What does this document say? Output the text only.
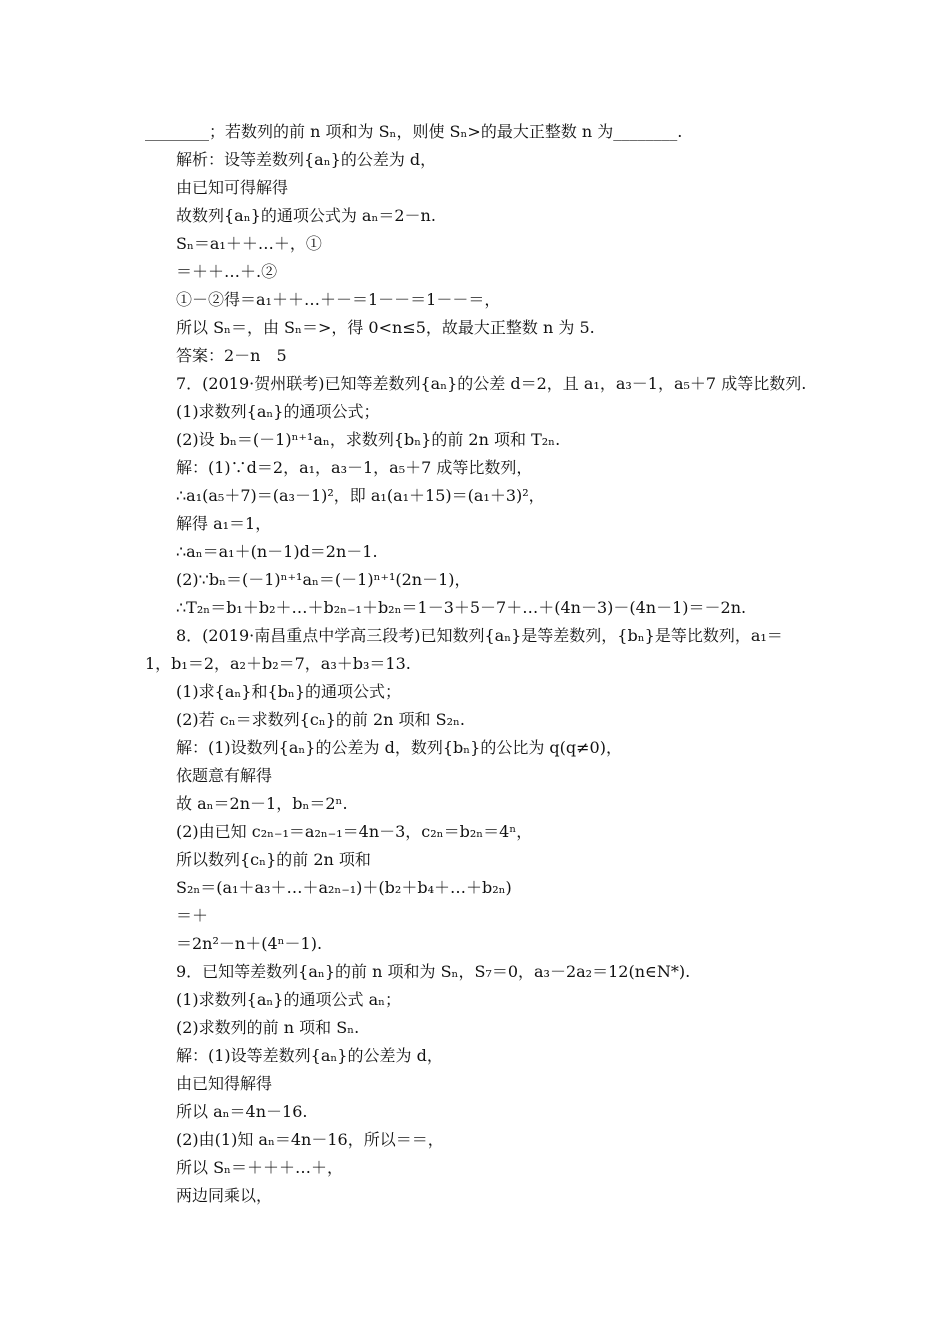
________；若数列的前 n 项和为 Sₙ，则使 Sₙ>的最大正整数 n 为________.
解析：设等差数列{aₙ}的公差为 d，
由已知可得解得
故数列{aₙ}的通项公式为 aₙ＝2－n.
Sₙ＝a₁＋＋…＋，①
＝＋＋…＋.②
①－②得＝a₁＋＋…＋－＝1－－＝1－－＝，
所以 Sₙ＝，由 Sₙ＝>，得 0<n≤5，故最大正整数 n 为 5.
答案：2－n　5
7．(2019·贺州联考)已知等差数列{aₙ}的公差 d＝2，且 a₁，a₃－1，a₅＋7 成等比数列.
(1)求数列{aₙ}的通项公式；
(2)设 bₙ＝(－1)ⁿ⁺¹aₙ，求数列{bₙ}的前 2n 项和 T₂ₙ.
解：(1)∵d＝2，a₁，a₃－1，a₅＋7 成等比数列，
∴a₁(a₅＋7)＝(a₃－1)²，即 a₁(a₁＋15)＝(a₁＋3)²，
解得 a₁＝1，
∴aₙ＝a₁＋(n－1)d＝2n－1.
(2)∵bₙ＝(－1)ⁿ⁺¹aₙ＝(－1)ⁿ⁺¹(2n－1)，
∴T₂ₙ＝b₁＋b₂＋…＋b₂ₙ₋₁＋b₂ₙ＝1－3＋5－7＋…＋(4n－3)－(4n－1)＝－2n.
8．(2019·南昌重点中学高三段考)已知数列{aₙ}是等差数列，{bₙ}是等比数列，a₁＝
1，b₁＝2，a₂＋b₂＝7，a₃＋b₃＝13.
(1)求{aₙ}和{bₙ}的通项公式；
(2)若 cₙ＝求数列{cₙ}的前 2n 项和 S₂ₙ.
解：(1)设数列{aₙ}的公差为 d，数列{bₙ}的公比为 q(q≠0)，
依题意有解得
故 aₙ＝2n－1，bₙ＝2ⁿ.
(2)由已知 c₂ₙ₋₁＝a₂ₙ₋₁＝4n－3，c₂ₙ＝b₂ₙ＝4ⁿ，
所以数列{cₙ}的前 2n 项和
S₂ₙ＝(a₁＋a₃＋…＋a₂ₙ₋₁)＋(b₂＋b₄＋…＋b₂ₙ)
＝＋
＝2n²－n＋(4ⁿ－1).
9．已知等差数列{aₙ}的前 n 项和为 Sₙ，S₇＝0，a₃－2a₂＝12(n∈N*).
(1)求数列{aₙ}的通项公式 aₙ；
(2)求数列的前 n 项和 Sₙ.
解：(1)设等差数列{aₙ}的公差为 d，
由已知得解得
所以 aₙ＝4n－16.
(2)由(1)知 aₙ＝4n－16，所以＝＝，
所以 Sₙ＝＋＋＋…＋，
两边同乘以，
